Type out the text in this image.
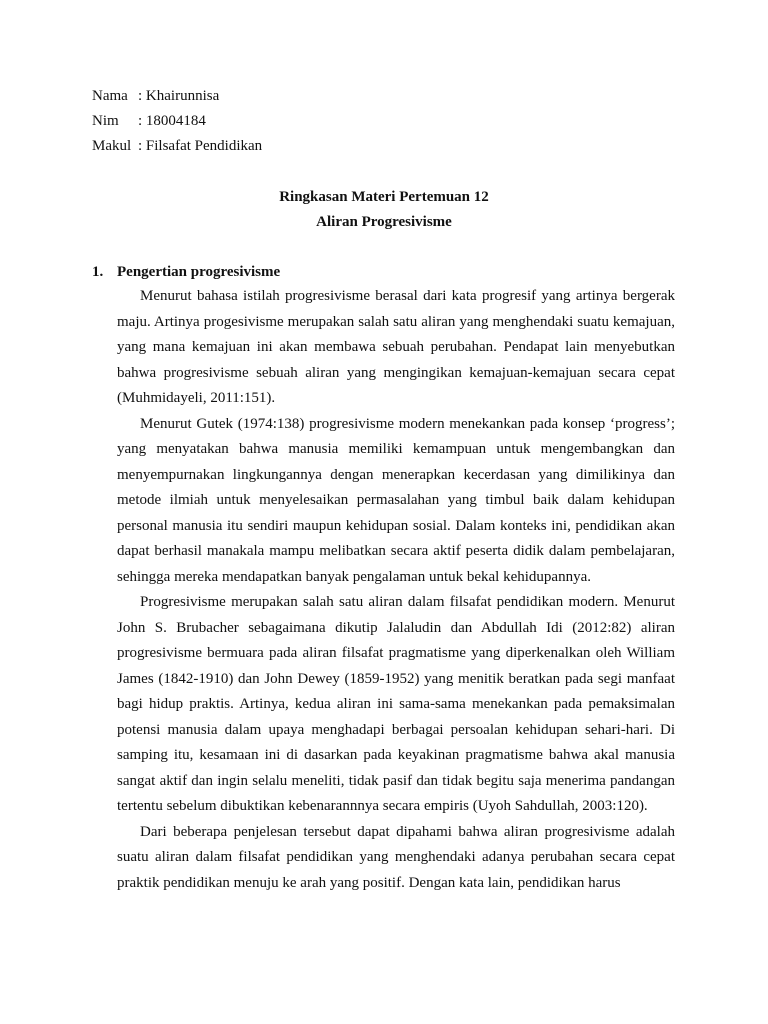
Nama : Khairunnisa
Nim : 18004184
Makul : Filsafat Pendidikan
Ringkasan Materi Pertemuan 12
Aliran Progresivisme
1. Pengertian progresivisme

Menurut bahasa istilah progresivisme berasal dari kata progresif yang artinya bergerak maju. Artinya progesivisme merupakan salah satu aliran yang menghendaki suatu kemajuan, yang mana kemajuan ini akan membawa sebuah perubahan. Pendapat lain menyebutkan bahwa progresivisme sebuah aliran yang mengingikan kemajuan-kemajuan secara cepat (Muhmidayeli, 2011:151).

Menurut Gutek (1974:138) progresivisme modern menekankan pada konsep ‘progress’; yang menyatakan bahwa manusia memiliki kemampuan untuk mengembangkan dan menyempurnakan lingkungannya dengan menerapkan kecerdasan yang dimilikinya dan metode ilmiah untuk menyelesaikan permasalahan yang timbul baik dalam kehidupan personal manusia itu sendiri maupun kehidupan sosial. Dalam konteks ini, pendidikan akan dapat berhasil manakala mampu melibatkan secara aktif peserta didik dalam pembelajaran, sehingga mereka mendapatkan banyak pengalaman untuk bekal kehidupannya.

Progresivisme merupakan salah satu aliran dalam filsafat pendidikan modern. Menurut John S. Brubacher sebagaimana dikutip Jalaludin dan Abdullah Idi (2012:82) aliran progresivisme bermuara pada aliran filsafat pragmatisme yang diperkenalkan oleh William James (1842-1910) dan John Dewey (1859-1952) yang menitik beratkan pada segi manfaat bagi hidup praktis. Artinya, kedua aliran ini sama-sama menekankan pada pemaksimalan potensi manusia dalam upaya menghadapi berbagai persoalan kehidupan sehari-hari. Di samping itu, kesamaan ini di dasarkan pada keyakinan pragmatisme bahwa akal manusia sangat aktif dan ingin selalu meneliti, tidak pasif dan tidak begitu saja menerima pandangan tertentu sebelum dibuktikan kebenarannnya secara empiris (Uyoh Sahdullah, 2003:120).

Dari beberapa penjelesan tersebut dapat dipahami bahwa aliran progresivisme adalah suatu aliran dalam filsafat pendidikan yang menghendaki adanya perubahan secara cepat praktik pendidikan menuju ke arah yang positif. Dengan kata lain, pendidikan harus
